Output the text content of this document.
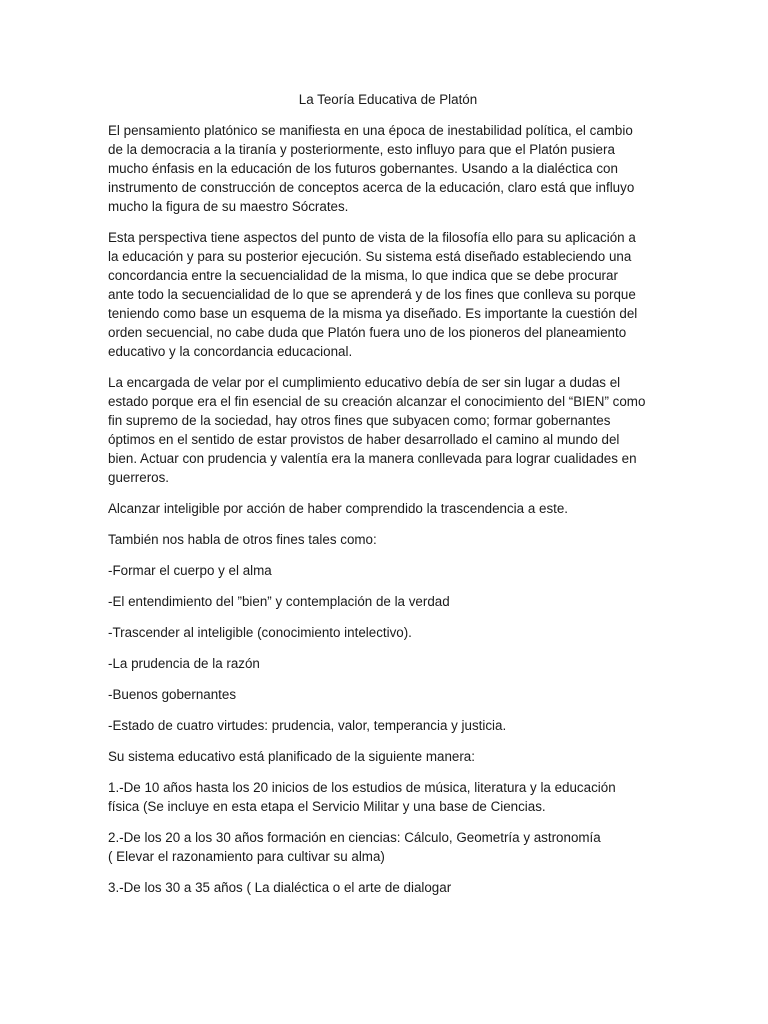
La Teoría Educativa de Platón

El pensamiento platónico se manifiesta en una época de inestabilidad política, el cambio
de la democracia a la tiranía y posteriormente, esto influyo para que el Platón pusiera
mucho énfasis en la educación de los futuros gobernantes. Usando a la dialéctica con
instrumento de construcción de conceptos acerca de la educación, claro está que influyo
mucho la figura de su maestro Sócrates.

Esta perspectiva tiene aspectos del punto de vista de la filosofía ello para su aplicación a
la educación y para su posterior ejecución. Su sistema está diseñado estableciendo una
concordancia entre la secuencialidad de la misma, lo que indica que se debe procurar
ante todo la secuencialidad de lo que se aprenderá y de los fines que conlleva su porque
teniendo como base un esquema de la misma ya diseñado. Es importante la cuestión del
orden secuencial, no cabe duda que Platón fuera uno de los pioneros del planeamiento
educativo y la concordancia educacional.

La encargada de velar por el cumplimiento educativo debía de ser sin lugar a dudas el
estado porque era el fin esencial de su creación alcanzar el conocimiento del “BIEN” como
fin supremo de la sociedad, hay otros fines que subyacen como; formar gobernantes
óptimos en el sentido de estar provistos de haber desarrollado el camino al mundo del
bien. Actuar con prudencia y valentía era la manera conllevada para lograr cualidades en
guerreros.

Alcanzar inteligible por acción de haber comprendido la trascendencia a este.

También nos habla de otros fines tales como:

-Formar el cuerpo y el alma

-El entendimiento del ”bien” y contemplación de la verdad

-Trascender al inteligible (conocimiento intelectivo).

-La prudencia de la razón

-Buenos gobernantes

-Estado de cuatro virtudes: prudencia, valor, temperancia y justicia.

Su sistema educativo está planificado de la siguiente manera:

1.-De 10 años hasta los 20 inicios de los estudios de música, literatura y la educación
física (Se incluye en esta etapa el Servicio Militar y una base de Ciencias.

2.-De los 20 a los 30 años formación en ciencias: Cálculo, Geometría y astronomía
( Elevar el razonamiento para cultivar su alma)

3.-De los 30 a 35 años ( La dialéctica o el arte de dialogar
